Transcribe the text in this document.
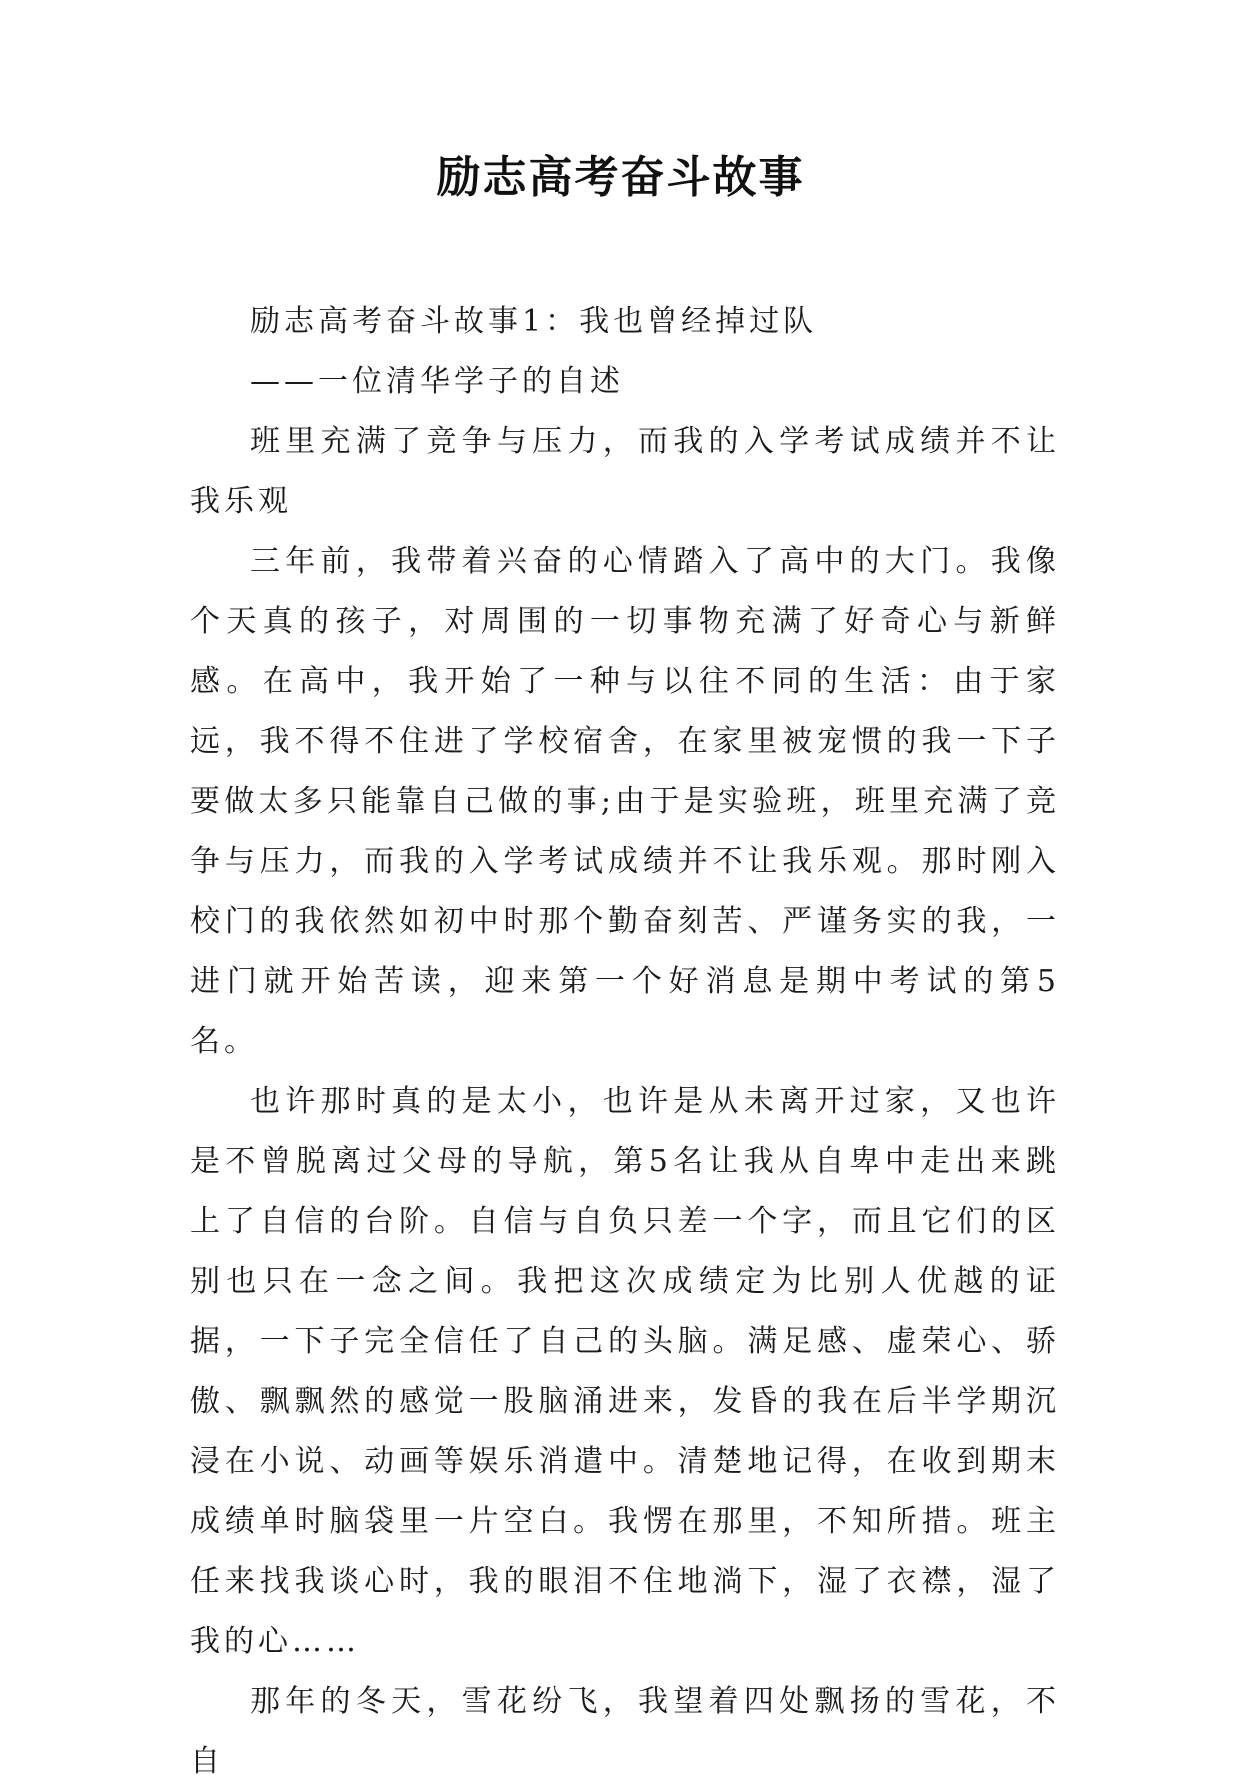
励志高考奋斗故事

励志高考奋斗故事1：我也曾经掉过队

——一位清华学子的自述

班里充满了竞争与压力，而我的入学考试成绩并不让我乐观

三年前，我带着兴奋的心情踏入了高中的大门。我像个天真的孩子，对周围的一切事物充满了好奇心与新鲜感。在高中，我开始了一种与以往不同的生活：由于家远，我不得不住进了学校宿舍，在家里被宠惯的我一下子要做太多只能靠自己做的事;由于是实验班，班里充满了竞争与压力，而我的入学考试成绩并不让我乐观。那时刚入校门的我依然如初中时那个勤奋刻苦、严谨务实的我，一进门就开始苦读，迎来第一个好消息是期中考试的第5名。

也许那时真的是太小，也许是从未离开过家，又也许是不曾脱离过父母的导航，第5名让我从自卑中走出来跳上了自信的台阶。自信与自负只差一个字，而且它们的区别也只在一念之间。我把这次成绩定为比别人优越的证据，一下子完全信任了自己的头脑。满足感、虚荣心、骄傲、飘飘然的感觉一股脑涌进来，发昏的我在后半学期沉浸在小说、动画等娱乐消遣中。清楚地记得，在收到期末成绩单时脑袋里一片空白。我愣在那里，不知所措。班主任来找我谈心时，我的眼泪不住地淌下，湿了衣襟，湿了我的心……

那年的冬天，雪花纷飞，我望着四处飘扬的雪花，不自
